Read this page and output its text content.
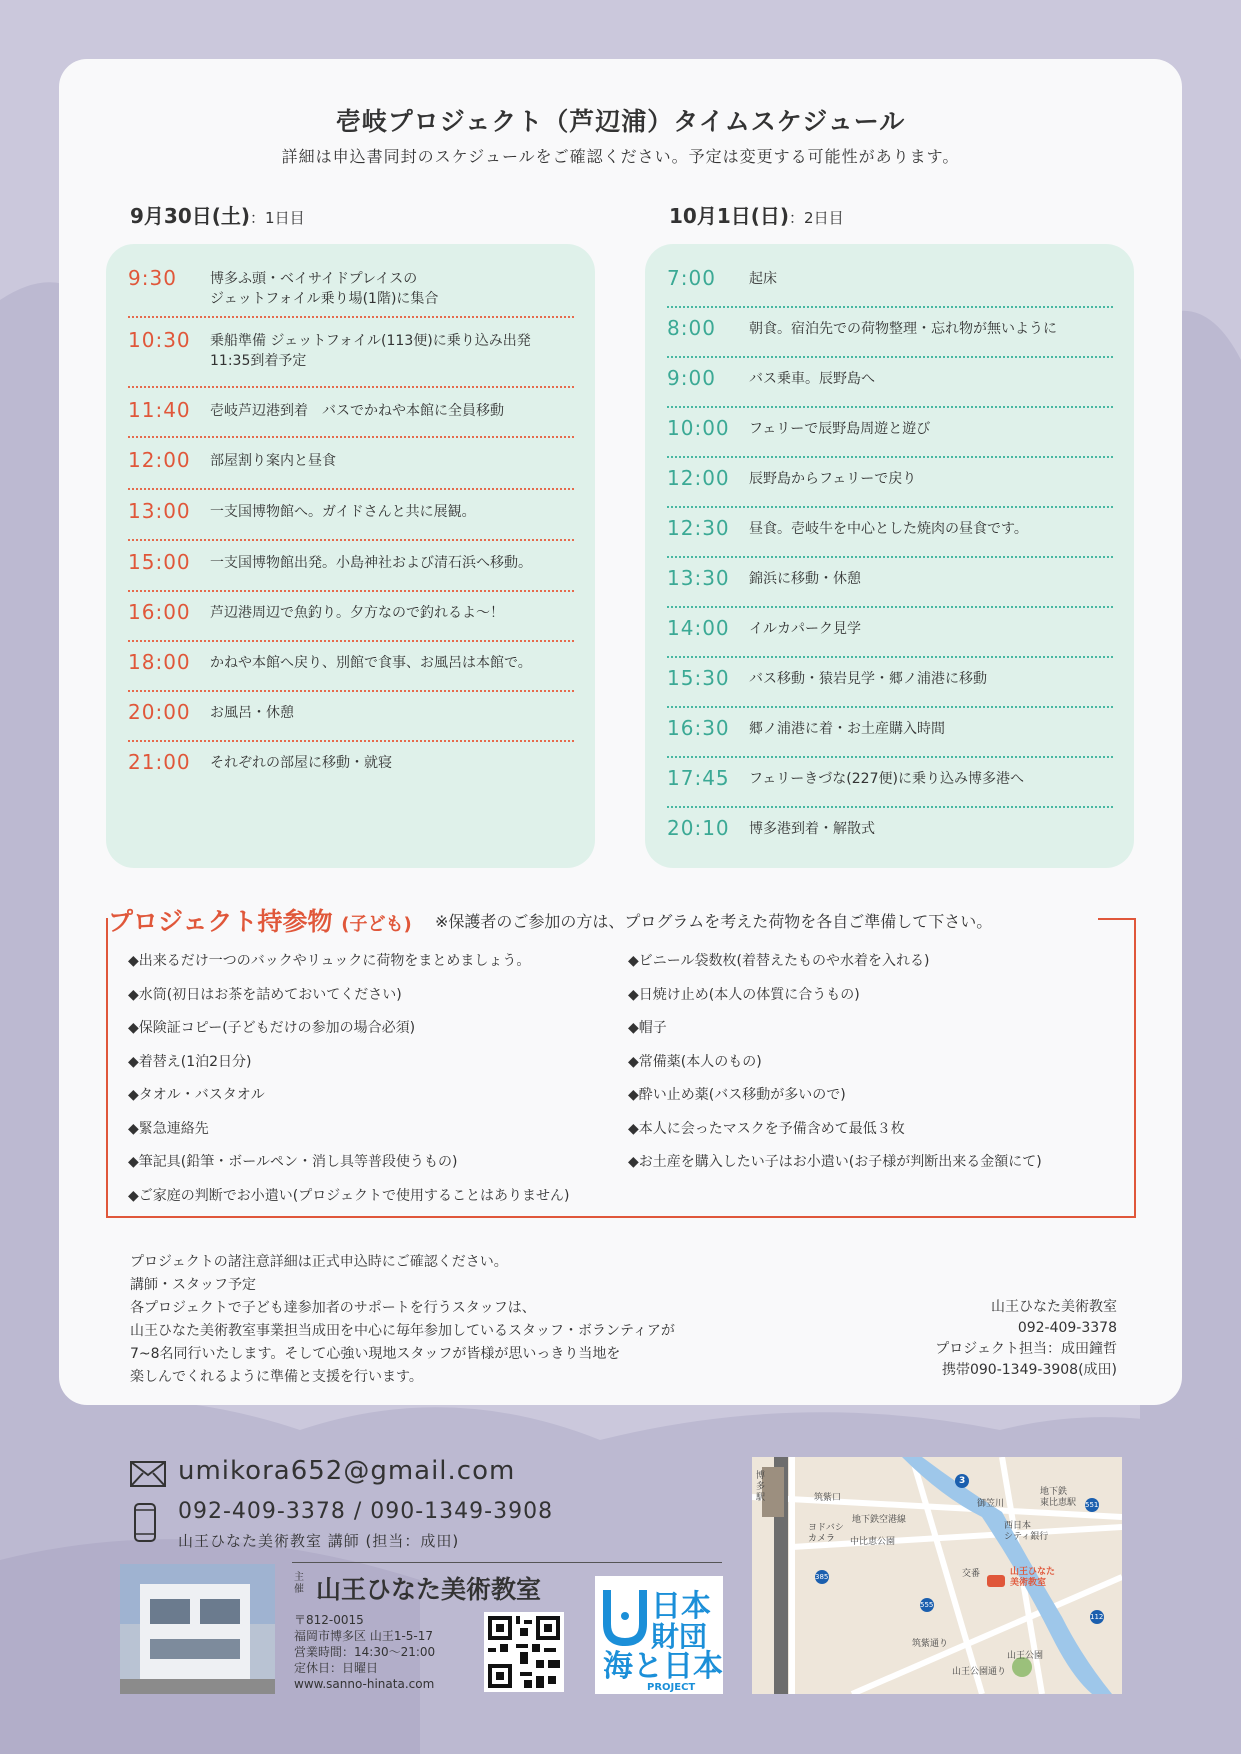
壱岐プロジェクト（芦辺浦）タイムスケジュール
詳細は申込書同封のスケジュールをご確認ください。予定は変更する可能性があります。
9月30日(土)：1日目	10月1日(日)：2日目
9:30	博多ふ頭・ベイサイドプレイスの
ジェットフォイル乗り場(1階)に集合
10:30	乗船準備 ジェットフォイル(113便)に乗り込み出発
11:35到着予定
11:40	壱岐芦辺港到着　バスでかねや本館に全員移動
12:00	部屋割り案内と昼食
13:00	一支国博物館へ。ガイドさんと共に展観。
15:00	一支国博物館出発。小島神社および清石浜へ移動。
16:00	芦辺港周辺で魚釣り。夕方なので釣れるよ～！
18:00	かねや本館へ戻り、別館で食事、お風呂は本館で。
20:00	お風呂・休憩
21:00	それぞれの部屋に移動・就寝
7:00	起床
8:00	朝食。宿泊先での荷物整理・忘れ物が無いように
9:00	バス乗車。辰野島へ
10:00	フェリーで辰野島周遊と遊び
12:00	辰野島からフェリーで戻り
12:30	昼食。壱岐牛を中心とした焼肉の昼食です。
13:30	錦浜に移動・休憩
14:00	イルカパーク見学
15:30	バス移動・猿岩見学・郷ノ浦港に移動
16:30	郷ノ浦港に着・お土産購入時間
17:45	フェリーきづな(227便)に乗り込み博多港へ
20:10	博多港到着・解散式
プロジェクト持参物 (子ども)	※保護者のご参加の方は、プログラムを考えた荷物を各自ご準備して下さい。
◆出来るだけ一つのバックやリュックに荷物をまとめましょう。
◆水筒(初日はお茶を詰めておいてください)
◆保険証コピー(子どもだけの参加の場合必須)
◆着替え(1泊2日分)
◆タオル・バスタオル
◆緊急連絡先
◆筆記具(鉛筆・ボールペン・消し具等普段使うもの)
◆ご家庭の判断でお小遣い(プロジェクトで使用することはありません)
◆ビニール袋数枚(着替えたものや水着を入れる)
◆日焼け止め(本人の体質に合うもの)
◆帽子
◆常備薬(本人のもの)
◆酔い止め薬(バス移動が多いので)
◆本人に会ったマスクを予備含めて最低３枚
◆お土産を購入したい子はお小遣い(お子様が判断出来る金額にて)
プロジェクトの諸注意詳細は正式申込時にご確認ください。
講師・スタッフ予定
各プロジェクトで子ども達参加者のサポートを行うスタッフは、
山王ひなた美術教室事業担当成田を中心に毎年参加しているスタッフ・ボランティアが
7~8名同行いたします。そして心強い現地スタッフが皆様が思いっきり当地を
楽しんでくれるように準備と支援を行います。
山王ひなた美術教室
092-409-3378
プロジェクト担当：成田鐘哲
携帯090-1349-3908(成田)
umikora652@gmail.com
092-409-3378 / 090-1349-3908
山王ひなた美術教室 講師 (担当：成田)
主催 山王ひなた美術教室
〒812-0015
福岡市博多区 山王1-5-17
営業時間：14:30～21:00
定休日：日曜日
www.sanno-hinata.com
日本
財団
海と日本
PROJECT
博多駅	筑紫口
ヨドバシ
カメラ	中比恵公園
地下鉄
東比恵駅
西日本
シティ銀行
交番	山王ひなた
美術教室
筑紫通り
山王公園
山王公園通り
地下鉄空港線
御笠川
3
551
385
555
112
